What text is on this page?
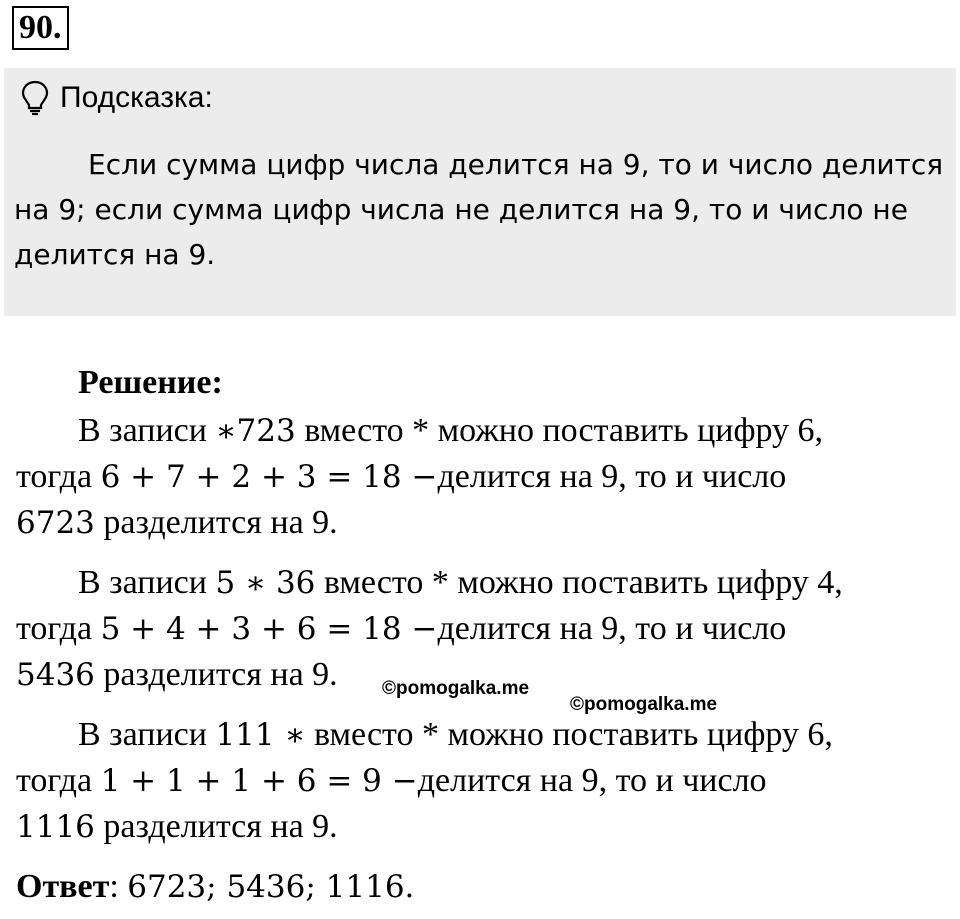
90.
Подсказка:

Если сумма цифр числа делится на 9, то и число делится на 9; если сумма цифр числа не делится на 9, то и число не делится на 9.

Решение:

В записи ∗723 вместо * можно поставить цифру 6,
тогда 6 + 7 + 2 + 3 = 18 −делится на 9, то и число
6723 разделится на 9.

В записи 5 ∗ 36 вместо * можно поставить цифру 4,
тогда 5 + 4 + 3 + 6 = 18 −делится на 9, то и число
5436 разделится на 9.

В записи 111 ∗ вместо * можно поставить цифру 6,
тогда 1 + 1 + 1 + 6 = 9 −делится на 9, то и число
1116 разделится на 9.

Ответ: 6723; 5436; 1116.

©pomogalka.me
©pomogalka.me
